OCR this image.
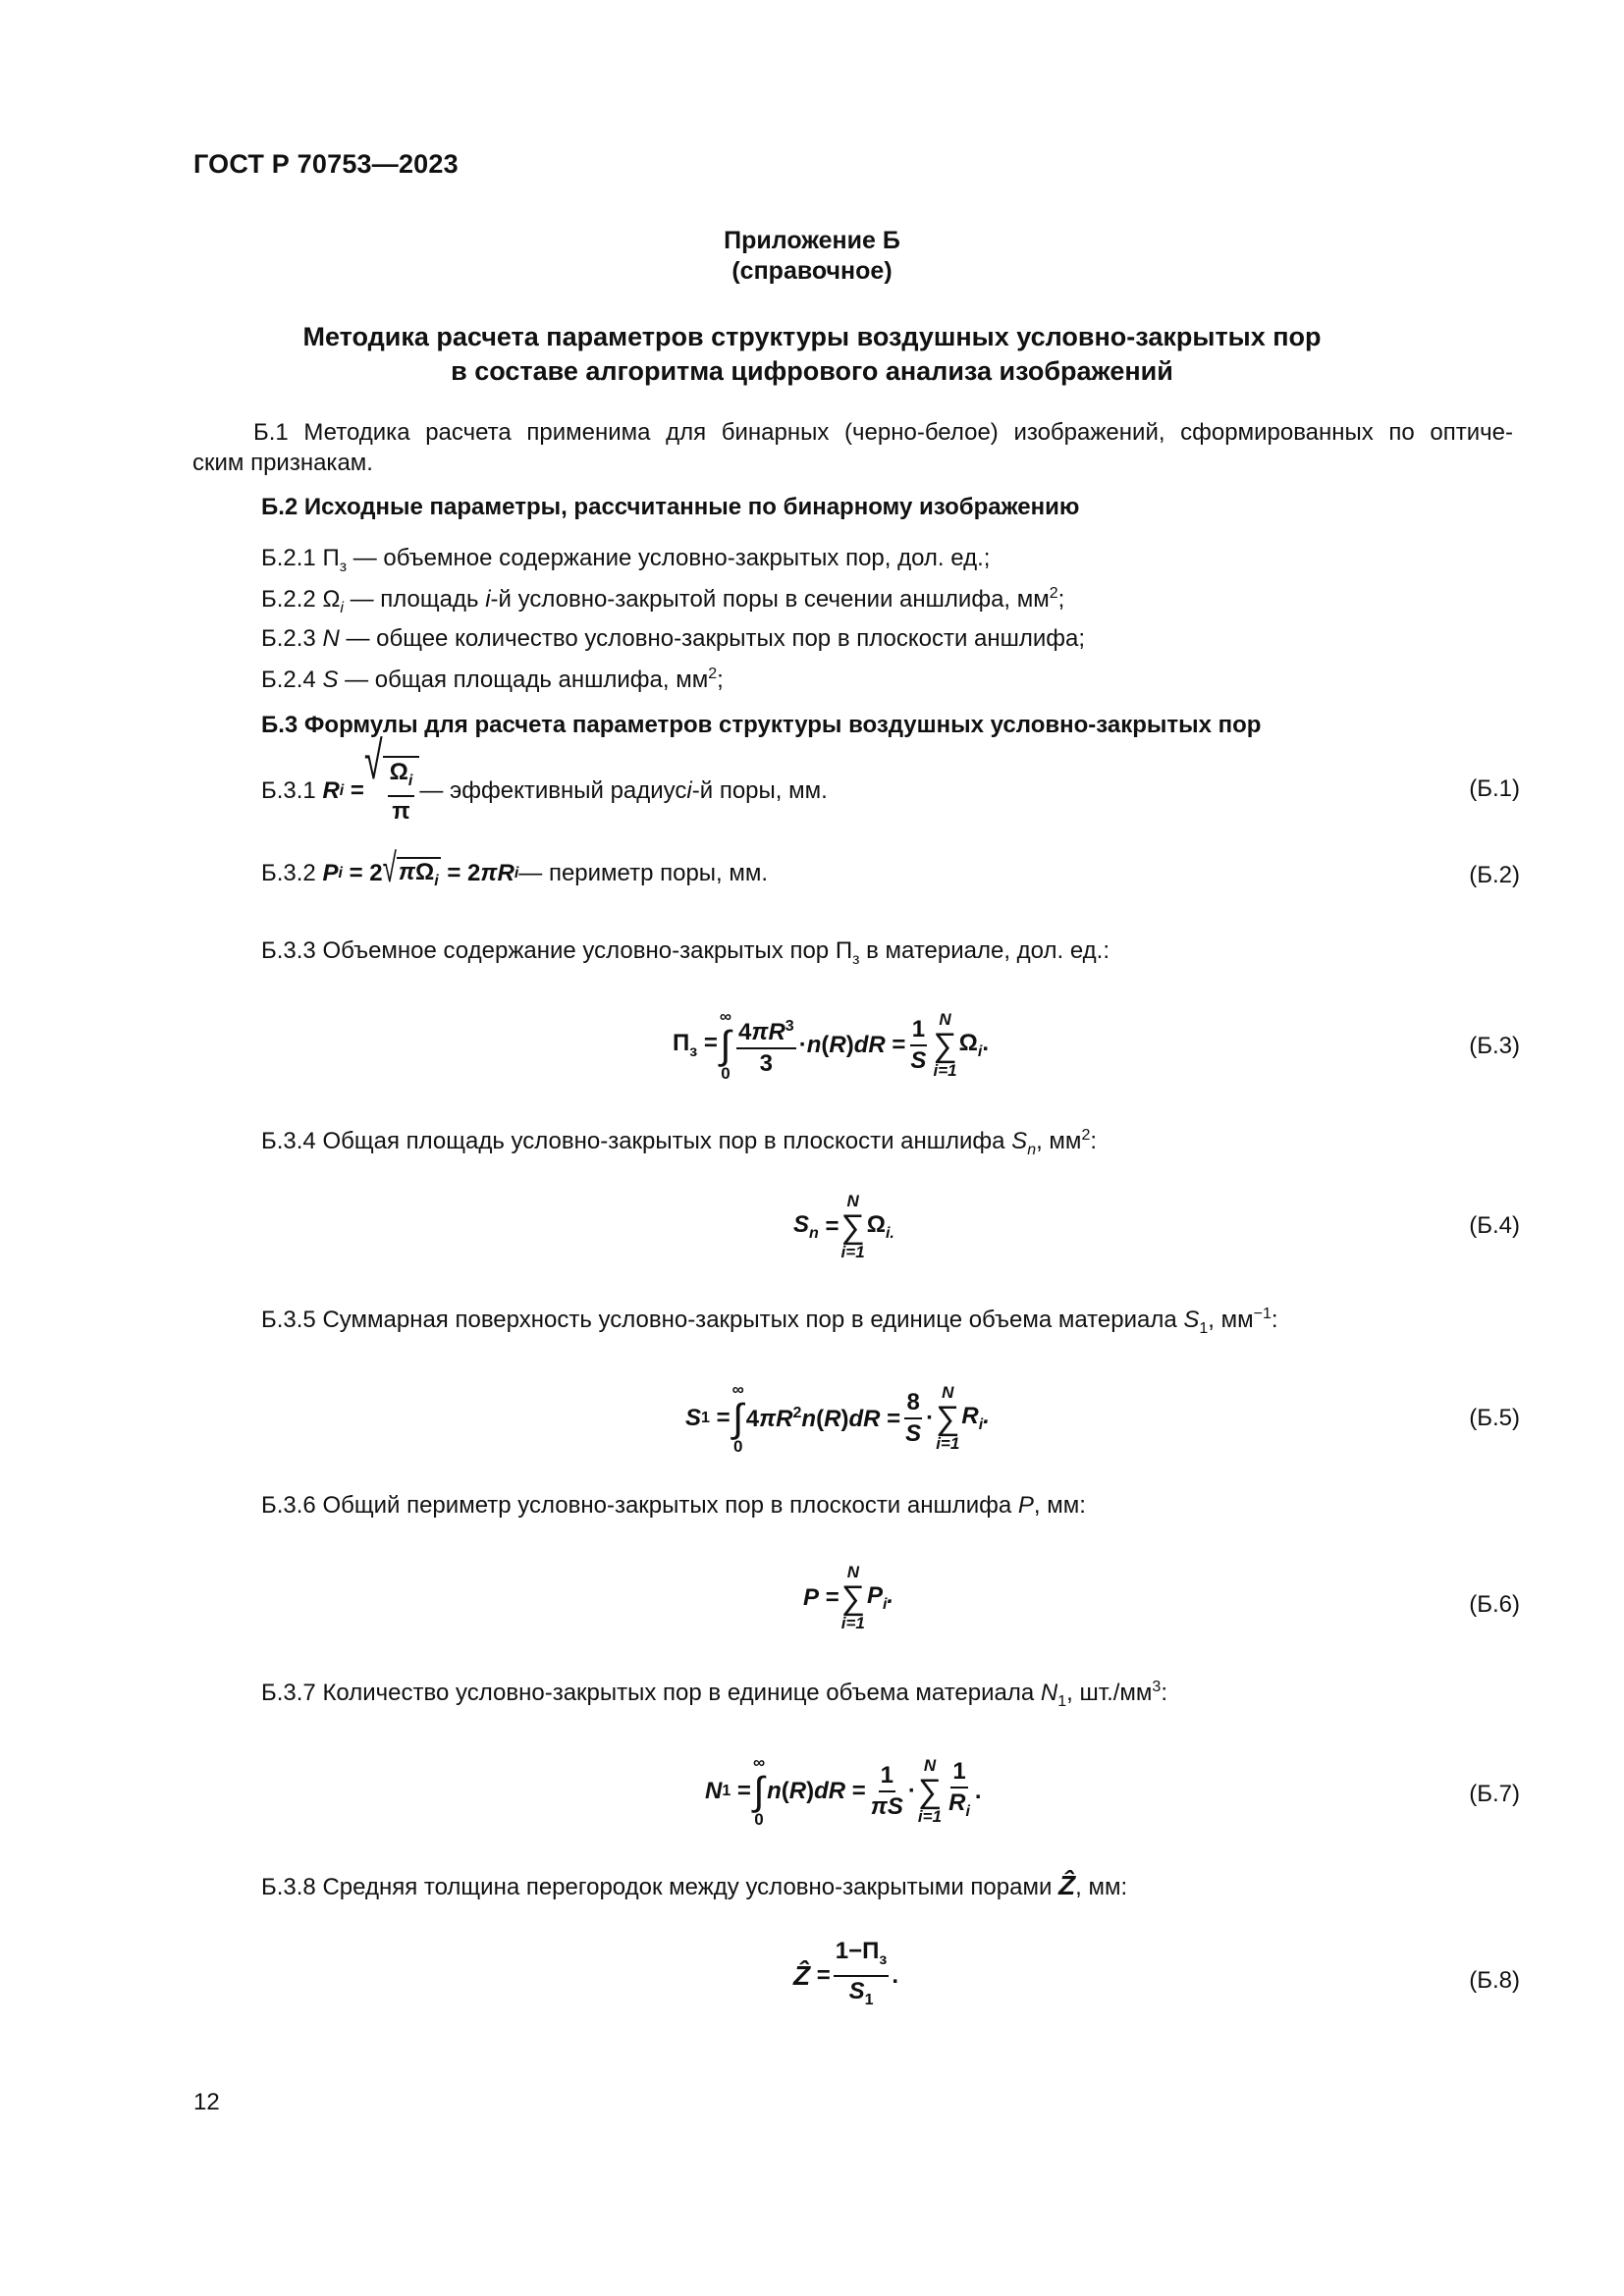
ГОСТ Р 70753—2023
Приложение Б
(справочное)
Методика расчета параметров структуры воздушных условно-закрытых пор
в составе алгоритма цифрового анализа изображений
Б.1 Методика расчета применима для бинарных (черно-белое) изображений, сформированных по оптиче-
ским признакам.
Б.2 Исходные параметры, рассчитанные по бинарному изображению
Б.2.1 $П_з$ — объемное содержание условно-закрытых пор, дол. ед.;
Б.2.2 $\Omega_i$ — площадь i-й условно-закрытой поры в сечении аншлифа, $мм^2$;
Б.2.3 N — общее количество условно-закрытых пор в плоскости аншлифа;
Б.2.4 S — общая площадь аншлифа, $мм^2$;
Б.3 Формулы для расчета параметров структуры воздушных условно-закрытых пор
Б.3.1
R i
=
√ $\frac{\Omega_i}{\pi}$ — эффективный радиус i -й поры, мм.	(Б.1)
Б.3.2
P i
= 2 √ $\pi\Omega_i$
= 2πR i — периметр поры, мм.	(Б.2)
Б.3.3 Объемное содержание условно-закрытых пор $П_з$ в материале, дол. ед.:
$П_з$ =
∞
∫
$0 \frac{4\pi R^3}{3} \cdot n(R)dR = \frac{1}{S}$ N
∑
i=1
$\Omega_i$.	(Б.3)
Б.3.4 Общая площадь условно-закрытых пор в плоскости аншлифа $S_n$, $мм^2$:
$S_n$
=
N
∑
i=1
$\Omega_{i.}$	(Б.4)
Б.3.5 Суммарная поверхность условно-закрытых пор в единице объема материала $S_1$, $мм^{-1}$:
S 1
=
∞
∫
0
$4\pi R^2n(R)dR = \frac{8}{S}$ ·
N
∑
i=1
$R_i$.	(Б.5)
Б.3.6 Общий периметр условно-закрытых пор в плоскости аншлифа P, мм:
P
=
N
∑
i=1
$P_i$.	(Б.6)
Б.3.7 Количество условно-закрытых пор в единице объема материала $N_1$, $шт./мм^3$:
N 1
=
∞
∫
0
$n(R)dR = \frac{1}{\pi S}$ ·
N
∑
$i=1 \frac{1}{R_i}$ .	(Б.7)
Б.3.8 Средняя толщина перегородок между условно-закрытыми порами Ẑ, мм:
Ẑ
= $\frac{1-П_з}{S_1}$ .	(Б.8)
12
